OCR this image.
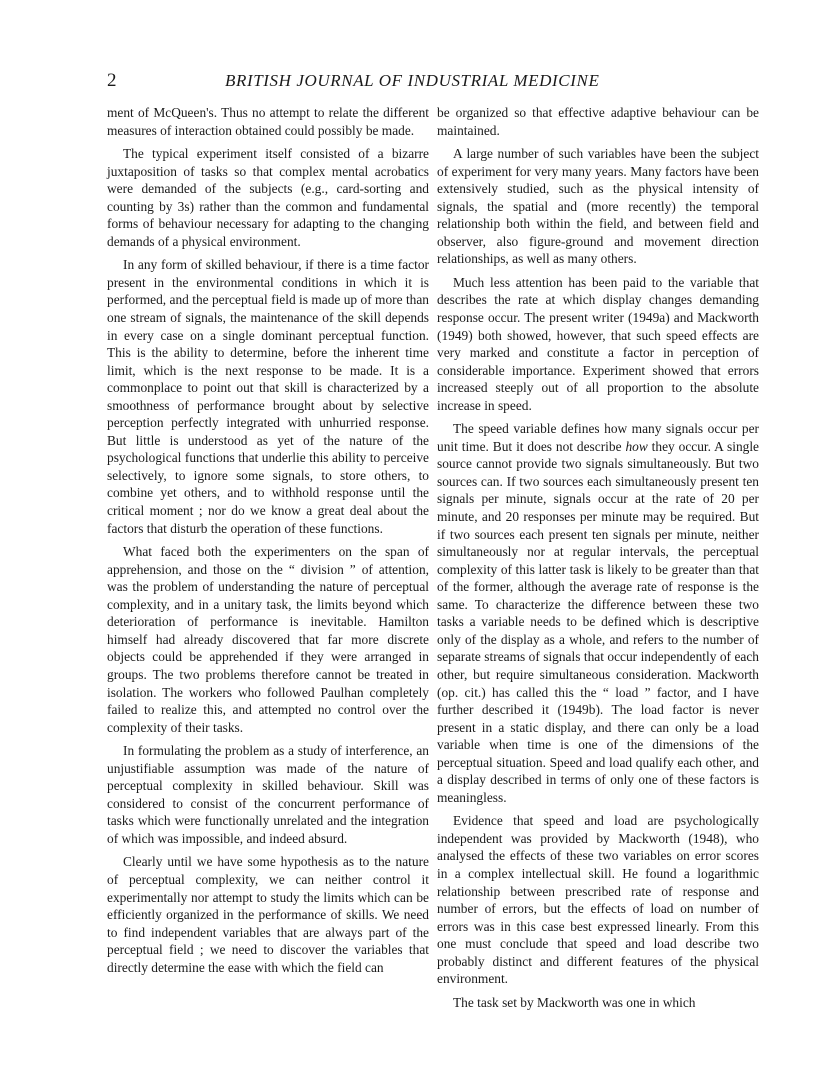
2	BRITISH JOURNAL OF INDUSTRIAL MEDICINE

ment of McQueen's. Thus no attempt to relate the different measures of interaction obtained could possibly be made.

The typical experiment itself consisted of a bizarre juxtaposition of tasks so that complex mental acrobatics were demanded of the subjects (e.g., card-sorting and counting by 3s) rather than the common and fundamental forms of behaviour necessary for adapting to the changing demands of a physical environment.

In any form of skilled behaviour, if there is a time factor present in the environmental conditions in which it is performed, and the perceptual field is made up of more than one stream of signals, the maintenance of the skill depends in every case on a single dominant perceptual function. This is the ability to determine, before the inherent time limit, which is the next response to be made. It is a commonplace to point out that skill is characterized by a smoothness of performance brought about by selective perception perfectly integrated with unhurried response. But little is understood as yet of the nature of the psychological functions that underlie this ability to perceive selectively, to ignore some signals, to store others, to combine yet others, and to withhold response until the critical moment ; nor do we know a great deal about the factors that disturb the operation of these functions.

What faced both the experimenters on the span of apprehension, and those on the “ division ” of attention, was the problem of understanding the nature of perceptual complexity, and in a unitary task, the limits beyond which deterioration of performance is inevitable. Hamilton himself had already discovered that far more discrete objects could be apprehended if they were arranged in groups. The two problems therefore cannot be treated in isolation. The workers who followed Paulhan completely failed to realize this, and attempted no control over the complexity of their tasks.

In formulating the problem as a study of interference, an unjustifiable assumption was made of the nature of perceptual complexity in skilled behaviour. Skill was considered to consist of the concurrent performance of tasks which were functionally unrelated and the integration of which was impossible, and indeed absurd.

Clearly until we have some hypothesis as to the nature of perceptual complexity, we can neither control it experimentally nor attempt to study the limits which can be efficiently organized in the performance of skills. We need to find independent variables that are always part of the perceptual field ; we need to discover the variables that directly determine the ease with which the field can

be organized so that effective adaptive behaviour can be maintained.

A large number of such variables have been the subject of experiment for very many years. Many factors have been extensively studied, such as the physical intensity of signals, the spatial and (more recently) the temporal relationship both within the field, and between field and observer, also figure-ground and movement direction relationships, as well as many others.

Much less attention has been paid to the variable that describes the rate at which display changes demanding response occur. The present writer (1949a) and Mackworth (1949) both showed, however, that such speed effects are very marked and constitute a factor in perception of considerable importance. Experiment showed that errors increased steeply out of all proportion to the absolute increase in speed.

The speed variable defines how many signals occur per unit time. But it does not describe how they occur. A single source cannot provide two signals simultaneously. But two sources can. If two sources each simultaneously present ten signals per minute, signals occur at the rate of 20 per minute, and 20 responses per minute may be required. But if two sources each present ten signals per minute, neither simultaneously nor at regular intervals, the perceptual complexity of this latter task is likely to be greater than that of the former, although the average rate of response is the same. To characterize the difference between these two tasks a variable needs to be defined which is descriptive only of the display as a whole, and refers to the number of separate streams of signals that occur independently of each other, but require simultaneous consideration. Mackworth (op. cit.) has called this the “ load ” factor, and I have further described it (1949b). The load factor is never present in a static display, and there can only be a load variable when time is one of the dimensions of the perceptual situation. Speed and load qualify each other, and a display described in terms of only one of these factors is meaningless.

Evidence that speed and load are psychologically independent was provided by Mackworth (1948), who analysed the effects of these two variables on error scores in a complex intellectual skill. He found a logarithmic relationship between prescribed rate of response and number of errors, but the effects of load on number of errors was in this case best expressed linearly. From this one must conclude that speed and load describe two probably distinct and different features of the physical environment.

The task set by Mackworth was one in which
